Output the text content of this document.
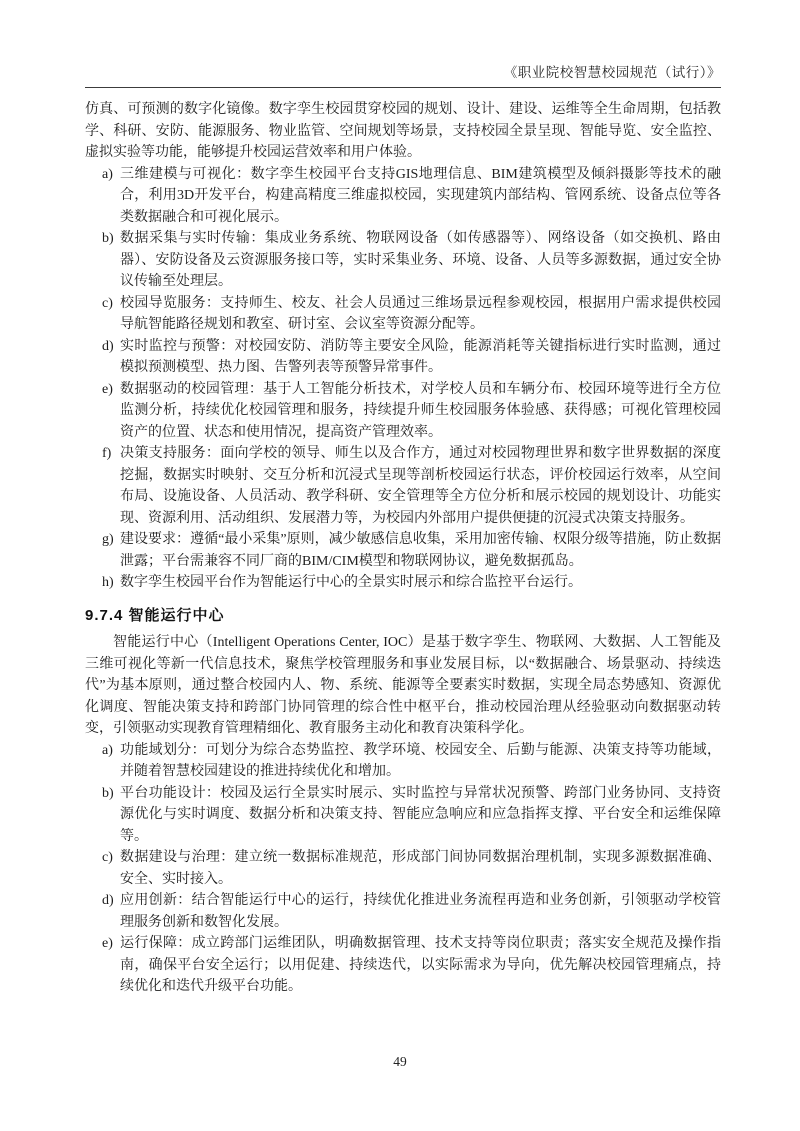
《职业院校智慧校园规范（试行）》

仿真、可预测的数字化镜像。数字孪生校园贯穿校园的规划、设计、建设、运维等全生命周期，包括教学、科研、安防、能源服务、物业监管、空间规划等场景，支持校园全景呈现、智能导览、安全监控、虚拟实验等功能，能够提升校园运营效率和用户体验。

a) 三维建模与可视化：数字孪生校园平台支持GIS地理信息、BIM建筑模型及倾斜摄影等技术的融合，利用3D开发平台，构建高精度三维虚拟校园，实现建筑内部结构、管网系统、设备点位等各类数据融合和可视化展示。
b) 数据采集与实时传输：集成业务系统、物联网设备（如传感器等）、网络设备（如交换机、路由器）、安防设备及云资源服务接口等，实时采集业务、环境、设备、人员等多源数据，通过安全协议传输至处理层。
c) 校园导览服务：支持师生、校友、社会人员通过三维场景远程参观校园，根据用户需求提供校园导航智能路径规划和教室、研讨室、会议室等资源分配等。
d) 实时监控与预警：对校园安防、消防等主要安全风险，能源消耗等关键指标进行实时监测，通过模拟预测模型、热力图、告警列表等预警异常事件。
e) 数据驱动的校园管理：基于人工智能分析技术，对学校人员和车辆分布、校园环境等进行全方位监测分析，持续优化校园管理和服务，持续提升师生校园服务体验感、获得感；可视化管理校园资产的位置、状态和使用情况，提高资产管理效率。
f) 决策支持服务：面向学校的领导、师生以及合作方，通过对校园物理世界和数字世界数据的深度挖掘，数据实时映射、交互分析和沉浸式呈现等剖析校园运行状态，评价校园运行效率，从空间布局、设施设备、人员活动、教学科研、安全管理等全方位分析和展示校园的规划设计、功能实现、资源利用、活动组织、发展潜力等，为校园内外部用户提供便捷的沉浸式决策支持服务。
g) 建设要求：遵循“最小采集”原则，减少敏感信息收集，采用加密传输、权限分级等措施，防止数据泄露；平台需兼容不同厂商的BIM/CIM模型和物联网协议，避免数据孤岛。
h) 数字孪生校园平台作为智能运行中心的全景实时展示和综合监控平台运行。
9.7.4 智能运行中心

智能运行中心（Intelligent Operations Center, IOC）是基于数字孪生、物联网、大数据、人工智能及三维可视化等新一代信息技术，聚焦学校管理服务和事业发展目标，以“数据融合、场景驱动、持续迭代”为基本原则，通过整合校园内人、物、系统、能源等全要素实时数据，实现全局态势感知、资源优化调度、智能决策支持和跨部门协同管理的综合性中枢平台，推动校园治理从经验驱动向数据驱动转变，引领驱动实现教育管理精细化、教育服务主动化和教育决策科学化。

a) 功能域划分：可划分为综合态势监控、教学环境、校园安全、后勤与能源、决策支持等功能域，并随着智慧校园建设的推进持续优化和增加。
b) 平台功能设计：校园及运行全景实时展示、实时监控与异常状况预警、跨部门业务协同、支持资源优化与实时调度、数据分析和决策支持、智能应急响应和应急指挥支撑、平台安全和运维保障等。
c) 数据建设与治理：建立统一数据标准规范，形成部门间协同数据治理机制，实现多源数据准确、安全、实时接入。
d) 应用创新：结合智能运行中心的运行，持续优化推进业务流程再造和业务创新，引领驱动学校管理服务创新和数智化发展。
e) 运行保障：成立跨部门运维团队，明确数据管理、技术支持等岗位职责；落实安全规范及操作指南，确保平台安全运行；以用促建、持续迭代，以实际需求为导向，优先解决校园管理痛点，持续优化和迭代升级平台功能。
49
